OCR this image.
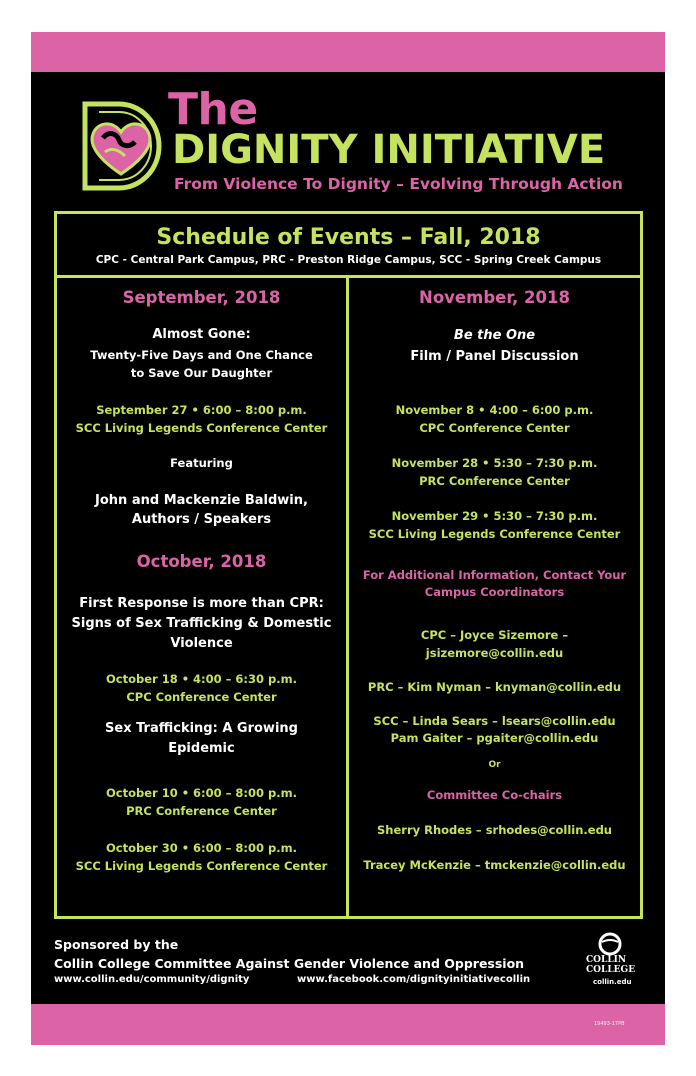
The
DIGNITY INITIATIVE
From Violence To Dignity – Evolving Through Action
Schedule of Events – Fall, 2018
CPC - Central Park Campus, PRC - Preston Ridge Campus, SCC - Spring Creek Campus
September, 2018
Almost Gone:
Twenty-Five Days and One Chance
to Save Our Daughter
September 27 • 6:00 – 8:00 p.m.
SCC Living Legends Conference Center
Featuring
John and Mackenzie Baldwin,
Authors / Speakers
October, 2018
First Response is more than CPR:
Signs of Sex Trafficking & Domestic
Violence
October 18 • 4:00 – 6:30 p.m.
CPC Conference Center
Sex Trafficking: A Growing
Epidemic
October 10 • 6:00 – 8:00 p.m.
PRC Conference Center
October 30 • 6:00 – 8:00 p.m.
SCC Living Legends Conference Center
November, 2018
Be the One
Film / Panel Discussion
November 8 • 4:00 – 6:00 p.m.
CPC Conference Center
November 28 • 5:30 – 7:30 p.m.
PRC Conference Center
November 29 • 5:30 – 7:30 p.m.
SCC Living Legends Conference Center
For Additional Information, Contact Your
Campus Coordinators
CPC – Joyce Sizemore –
jsizemore@collin.edu
PRC – Kim Nyman – knyman@collin.edu
SCC – Linda Sears – lsears@collin.edu
Pam Gaiter – pgaiter@collin.edu
Or
Committee Co-chairs
Sherry Rhodes – srhodes@collin.edu
Tracey McKenzie – tmckenzie@collin.edu
Sponsored by the
Collin College Committee Against Gender Violence and Oppression
www.collin.edu/community/dignity	www.facebook.com/dignityinitiativecollin
COLLIN
COLLEGE
collin.edu
19493-17PB
